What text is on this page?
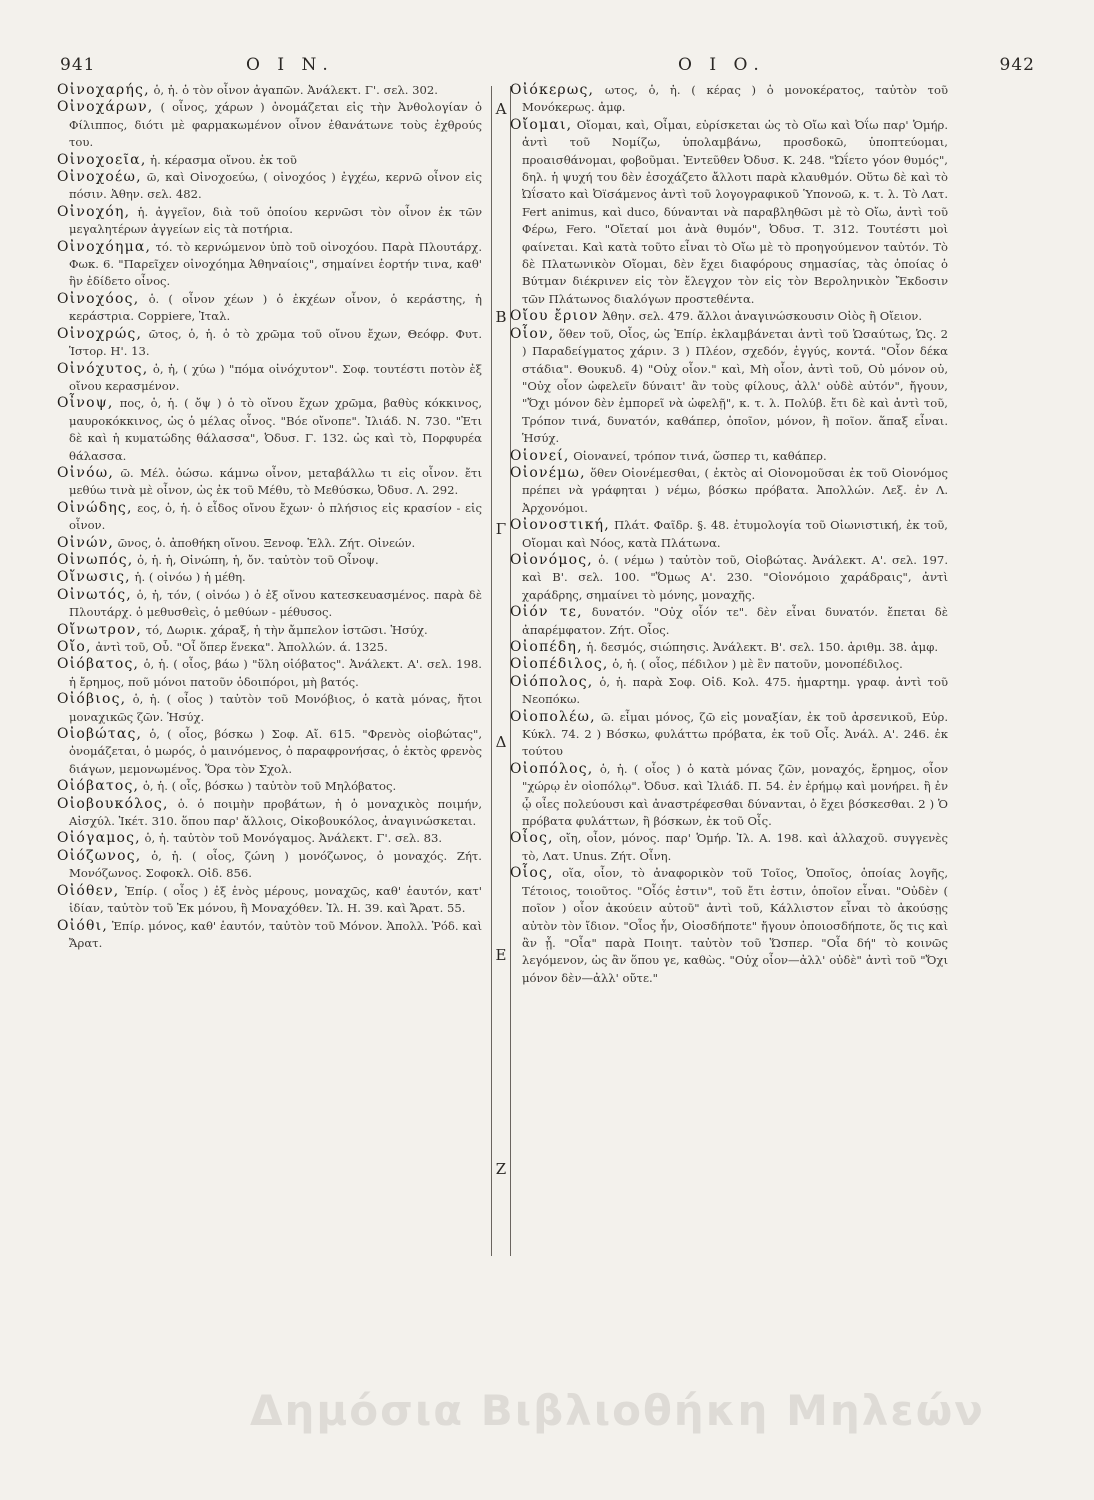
941	Ο Ι Ν.	Ο Ι Ο.	942
Οἰνοχαρής, ὁ, ἡ. ὁ τὸν οἶνον ἀγαπῶν. Ἀνάλεκτ. Γ'. σελ. 302.
Οἰνοχάρων, ( οἶνος, χάρων ) ὀνομάζεται εἰς τὴν Ἀνθολογίαν ὁ Φίλιππος, διότι μὲ φαρμακωμένον οἶνον ἐθανάτωνε τοὺς ἐχθρούς του.
Οἰνοχοεῖα, ἡ. κέρασμα οἴνου. ἐκ τοῦ
Οἰνοχοέω, ῶ, καὶ Οἰνοχοεύω, ( οἰνοχόος ) ἐγχέω, κερνῶ οἶνον εἰς πόσιν. Ἀθην. σελ. 482.
Οἰνοχόη, ἡ. ἀγγεῖον, διὰ τοῦ ὁποίου κερνῶσι τὸν οἶνον ἐκ τῶν μεγαλητέρων ἀγγείων εἰς τὰ ποτήρια.
Οἰνοχόημα, τό. τὸ κερνώμενον ὑπὸ τοῦ οἰνοχόου. Παρὰ Πλουτάρχ. Φωκ. 6. "Παρεῖχεν οἰνοχόημα Ἀθηναίοις", σημαίνει ἑορτήν τινα, καθ' ἣν ἐδίδετο οἶνος.
Οἰνοχόος, ὁ. ( οἶνον χέων ) ὁ ἐκχέων οἶνον, ὁ κεράστης, ἡ κεράστρια. Coppiere, Ἰταλ.
Οἰνοχρώς, ῶτος, ὁ, ἡ. ὁ τὸ χρῶμα τοῦ οἴνου ἔχων, Θεόφρ. Φυτ. Ἱστορ. Η'. 13.
Οἰνόχυτος, ὁ, ἡ, ( χύω ) "πόμα οἰνόχυτον". Σοφ. τουτέστι ποτὸν ἐξ οἴνου κερασμένον.
Οἶνοψ, πος, ὁ, ἡ. ( ὄψ ) ὁ τὸ οἴνου ἔχων χρῶμα, βαθὺς κόκκινος, μαυροκόκκινος, ὡς ὁ μέλας οἶνος. "Βόε οἴνοπε". Ἰλιάδ. Ν. 730. "Ἐτι δὲ καὶ ἡ κυματώδης θάλασσα", Ὀδυσ. Γ. 132. ὡς καὶ τὸ, Πορφυρέα θάλασσα.
Οἰνόω, ῶ. Μέλ. ὀώσω. κάμνω οἶνον, μεταβάλλω τι εἰς οἶνον. ἔτι μεθύω τινὰ μὲ οἶνον, ὡς ἐκ τοῦ Μέθυ, τὸ Μεθύσκω, Ὀδυσ. Λ. 292.
Οἰνώδης, εος, ὁ, ἡ. ὁ εἶδος οἴνου ἔχων· ὁ πλήσιος εἰς κρασίον - εἰς οἶνον.
Οἰνών, ῶνος, ὁ. ἀποθήκη οἴνου. Ξενοφ. Ἑλλ. Ζήτ. Οἰνεών.
Οἰνωπός, ὁ, ἡ. ἡ, Οἰνώπη, ἡ, ὄν. ταὐτὸν τοῦ Οἶνοψ.
Οἴνωσις, ἡ. ( οἰνόω ) ἡ μέθη.
Οἰνωτός, ὁ, ἡ, τόν, ( οἰνόω ) ὁ ἐξ οἴνου κατεσκευασμένος. παρὰ δὲ Πλουτάρχ. ὁ μεθυσθεὶς, ὁ μεθύων - μέθυσος.
Οἴνωτρον, τό, Δωρικ. χάραξ, ἡ τὴν ἄμπελον ἱστῶσι. Ἡσύχ.
Οἴο, ἀντὶ τοῦ, Οὗ. "Οἷ ὅπερ ἕνεκα". Ἀπολλών. ά. 1325.
Οἰόβατος, ὁ, ἡ. ( οἶος, βάω ) "ὕλη οἰόβατος". Ἀνάλεκτ. Α'. σελ. 198. ἡ ἔρημος, ποῦ μόνοι πατοῦν ὁδοιπόροι, μὴ βατός.
Οἰόβιος, ὁ, ἡ. ( οἶος ) ταὐτὸν τοῦ Μονόβιος, ὁ κατὰ μόνας, ἤτοι μοναχικῶς ζῶν. Ἡσύχ.
Οἰοβώτας, ὁ, ( οἶος, βόσκω ) Σοφ. Αἴ. 615. "Φρενὸς οἰοβώτας", ὀνομάζεται, ὁ μωρός, ὁ μαινόμενος, ὁ παραφρονήσας, ὁ ἐκτὸς φρενὸς διάγων, μεμονωμένος. Ὅρα τὸν Σχολ.
Οἰόβατος, ὁ, ἡ. ( οἶς, βόσκω ) ταὐτὸν τοῦ Μηλόβατος.
Οἰοβουκόλος, ὁ. ὁ ποιμὴν προβάτων, ἡ ὁ μοναχικὸς ποιμήν, Αἰσχύλ. Ἱκέτ. 310. ὅπου παρ' ἄλλοις, Οἰκοβουκόλος, ἀναγινώσκεται.
Οἰόγαμος, ὁ, ἡ. ταὐτὸν τοῦ Μονόγαμος. Ἀνάλεκτ. Γ'. σελ. 83.
Οἰόζωνος, ὁ, ἡ. ( οἶος, ζώνη ) μονόζωνος, ὁ μοναχός. Ζήτ. Μονόζωνος. Σοφοκλ. Οἰδ. 856.
Οἰόθεν, Ἐπίρ. ( οἶος ) ἐξ ἑνὸς μέρους, μοναχῶς, καθ' ἑαυτόν, κατ' ἰδίαν, ταὐτὸν τοῦ Ἐκ μόνου, ἢ Μοναχόθεν. Ἰλ. Η. 39. καὶ Ἄρατ. 55.
Οἰόθι, Ἐπίρ. μόνος, καθ' ἑαυτόν, ταὐτὸν τοῦ Μόνον. Ἀπολλ. Ῥόδ. καὶ Ἄρατ.
A
B
Γ
Δ
E
Z
Οἰόκερως, ωτος, ὁ, ἡ. ( κέρας ) ὁ μονοκέρατος, ταὐτὸν τοῦ Μονόκερως. ἀμφ.
Οἴομαι, Οἴομαι, καὶ, Οἶμαι, εὑρίσκεται ὡς τὸ Οἴω καὶ Ὀΐω παρ' Ὁμήρ. ἀντὶ τοῦ Νομίζω, ὑπολαμβάνω, προσδοκῶ, ὑποπτεύομαι, προαισθάνομαι, φοβοῦμαι. Ἐντεῦθεν Ὀδυσ. Κ. 248. "Ὠΐετο γόον θυμός", δηλ. ἡ ψυχή του δὲν ἐσοχάζετο ἄλλοτι παρὰ κλαυθμόν. Οὕτω δὲ καὶ τὸ Ὠΐσατο καὶ Ὀϊσάμενος ἀντὶ τοῦ λογογραφικοῦ Ὑπονοῶ, κ. τ. λ. Τὸ Λατ. Fert animus, καὶ duco, δύνανται νὰ παραβληθῶσι μὲ τὸ Οἴω, ἀντὶ τοῦ Φέρω, Fero. "Οἴεταί μοι ἀνὰ θυμόν", Ὀδυσ. Τ. 312. Τουτέστι μοὶ φαίνεται. Καὶ κατὰ τοῦτο εἶναι τὸ Οἴω μὲ τὸ προηγούμενον ταὐτόν. Τὸ δὲ Πλατωνικὸν Οἴομαι, δὲν ἔχει διαφόρους σημασίας, τὰς ὁποίας ὁ Βύτμαν διέκρινεν εἰς τὸν ἔλεγχον τὸν εἰς τὸν Βεροληνικὸν Ἔκδοσιν τῶν Πλάτωνος διαλόγων προστεθέντα.
Οἴου ἔριον Ἀθην. σελ. 479. ἄλλοι ἀναγινώσκουσιν Οἰὸς ἢ Οἴειον.
Οἷον, ὅθεν τοῦ, Οἷος, ὡς Ἐπίρ. ἐκλαμβάνεται ἀντὶ τοῦ Ὡσαύτως, Ὡς. 2 ) Παραδείγματος χάριν. 3 ) Πλέον, σχεδόν, ἐγγύς, κοντά. "Οἷον δέκα στάδια". Θουκυδ. 4) "Οὐχ οἷον." καὶ, Μὴ οἷον, ἀντὶ τοῦ, Οὐ μόνον οὐ, "Οὐχ οἷον ὠφελεῖν δύναιτ' ἂν τοὺς φίλους, ἀλλ' οὐδὲ αὐτόν", ἤγουν, "Ὄχι μόνον δὲν ἐμπορεῖ νὰ ὠφελῇ", κ. τ. λ. Πολύβ. ἔτι δὲ καὶ ἀντὶ τοῦ, Τρόπον τινά, δυνατόν, καθάπερ, ὁποῖον, μόνον, ἢ ποῖον. ἅπαξ εἶναι. Ἡσύχ.
Οἱονεί, Οἱονανεί, τρόπον τινά, ὥσπερ τι, καθάπερ.
Οἰονέμω, ὅθεν Οἰονέμεσθαι, ( ἐκτὸς αἱ Οἰονομοῦσαι ἐκ τοῦ Οἰονόμος πρέπει νὰ γράφηται ) νέμω, βόσκω πρόβατα. Ἀπολλών. Λεξ. ἐν Λ. Ἀρχονόμοι.
Οἰονοστική, Πλάτ. Φαῖδρ. §. 48. ἐτυμολογία τοῦ Οἰωνιστική, ἐκ τοῦ, Οἴομαι καὶ Νόος, κατὰ Πλάτωνα.
Οἰονόμος, ὁ. ( νέμω ) ταὐτὸν τοῦ, Οἰοβώτας. Ἀνάλεκτ. Α'. σελ. 197. καὶ Β'. σελ. 100. "Ὅμως Α'. 230. "Οἰονόμοιο χαράδραις", ἀντὶ χαράδρης, σημαίνει τὸ μόνης, μοναχῆς.
Οἰόν τε, δυνατόν. "Οὐχ οἷόν τε". δὲν εἶναι δυνατόν. ἔπεται δὲ ἀπαρέμφατον. Ζήτ. Οἷος.
Οἰοπέδη, ἡ. δεσμός, σιώπησις. Ἀνάλεκτ. Β'. σελ. 150. ἀριθμ. 38. ἀμφ.
Οἰοπέδιλος, ὁ, ἡ. ( οἶος, πέδιλον ) μὲ ἓν πατοῦν, μονοπέδιλος.
Οἰόπολος, ὁ, ἡ. παρὰ Σοφ. Οἰδ. Κολ. 475. ἡμαρτημ. γραφ. ἀντὶ τοῦ Νεοπόκω.
Οἰοπολέω, ῶ. εἶμαι μόνος, ζῶ εἰς μοναξίαν, ἐκ τοῦ ἀρσενικοῦ, Εὐρ. Κύκλ. 74. 2 ) Βόσκω, φυλάττω πρόβατα, ἐκ τοῦ Οἶς. Ἀνάλ. Α'. 246. ἐκ τούτου
Οἰοπόλος, ὁ, ἡ. ( οἶος ) ὁ κατὰ μόνας ζῶν, μοναχός, ἔρημος, οἷον "χώρῳ ἐν οἰοπόλῳ". Ὀδυσ. καὶ Ἰλιάδ. Π. 54. ἐν ἐρήμῳ καὶ μονήρει. ἢ ἐν ᾧ οἶες πολεύουσι καὶ ἀναστρέφεσθαι δύνανται, ὁ ἔχει βόσκεσθαι. 2 ) Ὁ πρόβατα φυλάττων, ἢ βόσκων, ἐκ τοῦ Οἶς.
Οἶος, οἴη, οἶον, μόνος. παρ' Ὁμήρ. Ἰλ. Α. 198. καὶ ἀλλαχοῦ. συγγενὲς τὸ, Λατ. Unus. Ζήτ. Οἶνη.
Οἷος, οἵα, οἷον, τὸ ἀναφορικὸν τοῦ Τοῖος, Ὁποῖος, ὁποίας λογῆς, Τέτοιος, τοιοῦτος. "Οἷός ἐστιν", τοῦ ἔτι ἐστιν, ὁποῖον εἶναι. "Οὐδὲν ( ποῖον ) οἷον ἀκούειν αὐτοῦ" ἀντὶ τοῦ, Κάλλιστον εἶναι τὸ ἀκούσῃς αὐτὸν τὸν ἴδιον. "Οἷος ἦν, Οἱοσδήποτε" ἤγουν ὁποιοσδήποτε, ὅς τις καὶ ἂν ᾖ. "Οἷα" παρὰ Ποιητ. ταὐτὸν τοῦ Ὥσπερ. "Οἷα δή" τὸ κοινῶς λεγόμενον, ὡς ἂν ὅπου γε, καθὼς. "Οὐχ οἷον—ἀλλ' οὐδὲ" ἀντὶ τοῦ "Ὄχι μόνον δὲν—ἀλλ' οὔτε."
Δημόσια Βιβλιοθήκη Μηλεών
